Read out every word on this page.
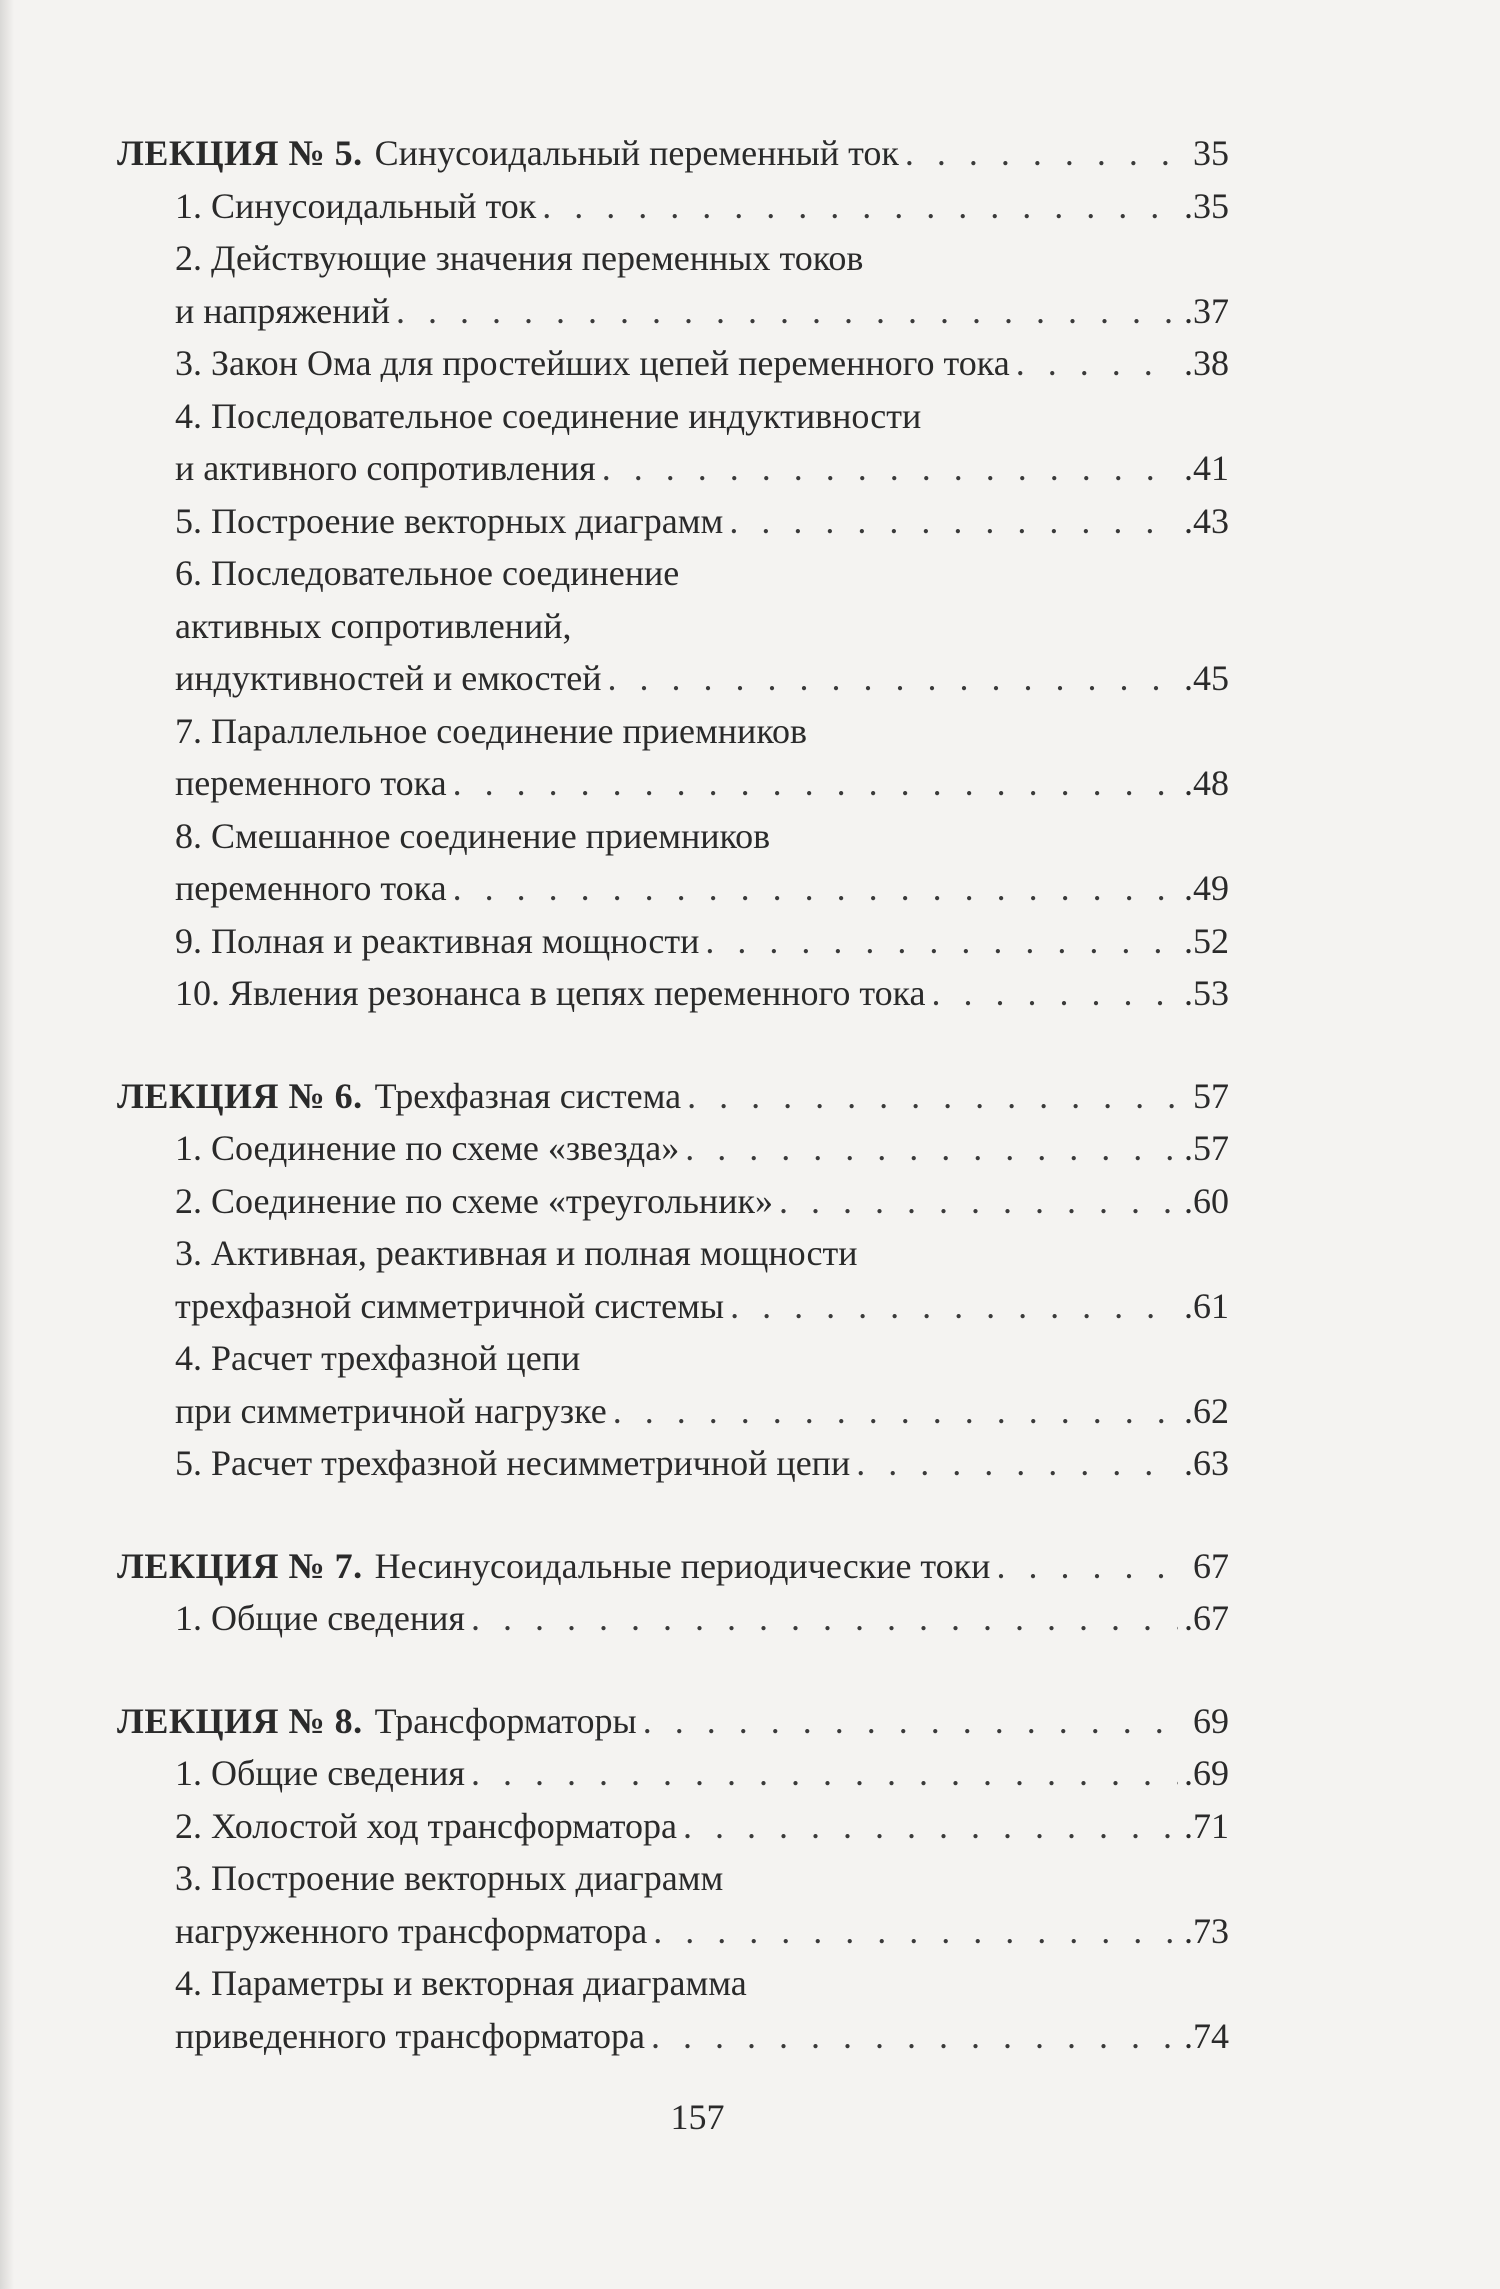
ЛЕКЦИЯ № 5. Синусоидальный переменный ток . . .	35
1. Синусоидальный ток . . .	.35
2. Действующие значения переменных токов
и напряжений . . .	.37
3. Закон Ома для простейших цепей переменного тока . . .	.38
4. Последовательное соединение индуктивности
и активного сопротивления . . .	.41
5. Построение векторных диаграмм . . .	.43
6. Последовательное соединение
активных сопротивлений,
индуктивностей и емкостей . . .	.45
7. Параллельное соединение приемников
переменного тока . . .	.48
8. Смешанное соединение приемников
переменного тока . . .	.49
9. Полная и реактивная мощности . . .	.52
10. Явления резонанса в цепях переменного тока . . .	.53
ЛЕКЦИЯ № 6. Трехфазная система . . .	57
1. Соединение по схеме «звезда» . . .	.57
2. Соединение по схеме «треугольник» . . .	.60
3. Активная, реактивная и полная мощности
трехфазной симметричной системы . . .	.61
4. Расчет трехфазной цепи
при симметричной нагрузке . . .	.62
5. Расчет трехфазной несимметричной цепи . . .	.63
ЛЕКЦИЯ № 7. Несинусоидальные периодические токи . . .	67
1. Общие сведения . . .	.67
ЛЕКЦИЯ № 8. Трансформаторы . . .	69
1. Общие сведения . . .	.69
2. Холостой ход трансформатора . . .	.71
3. Построение векторных диаграмм
нагруженного трансформатора . . .	.73
4. Параметры и векторная диаграмма
приведенного трансформатора . . .	.74
157
